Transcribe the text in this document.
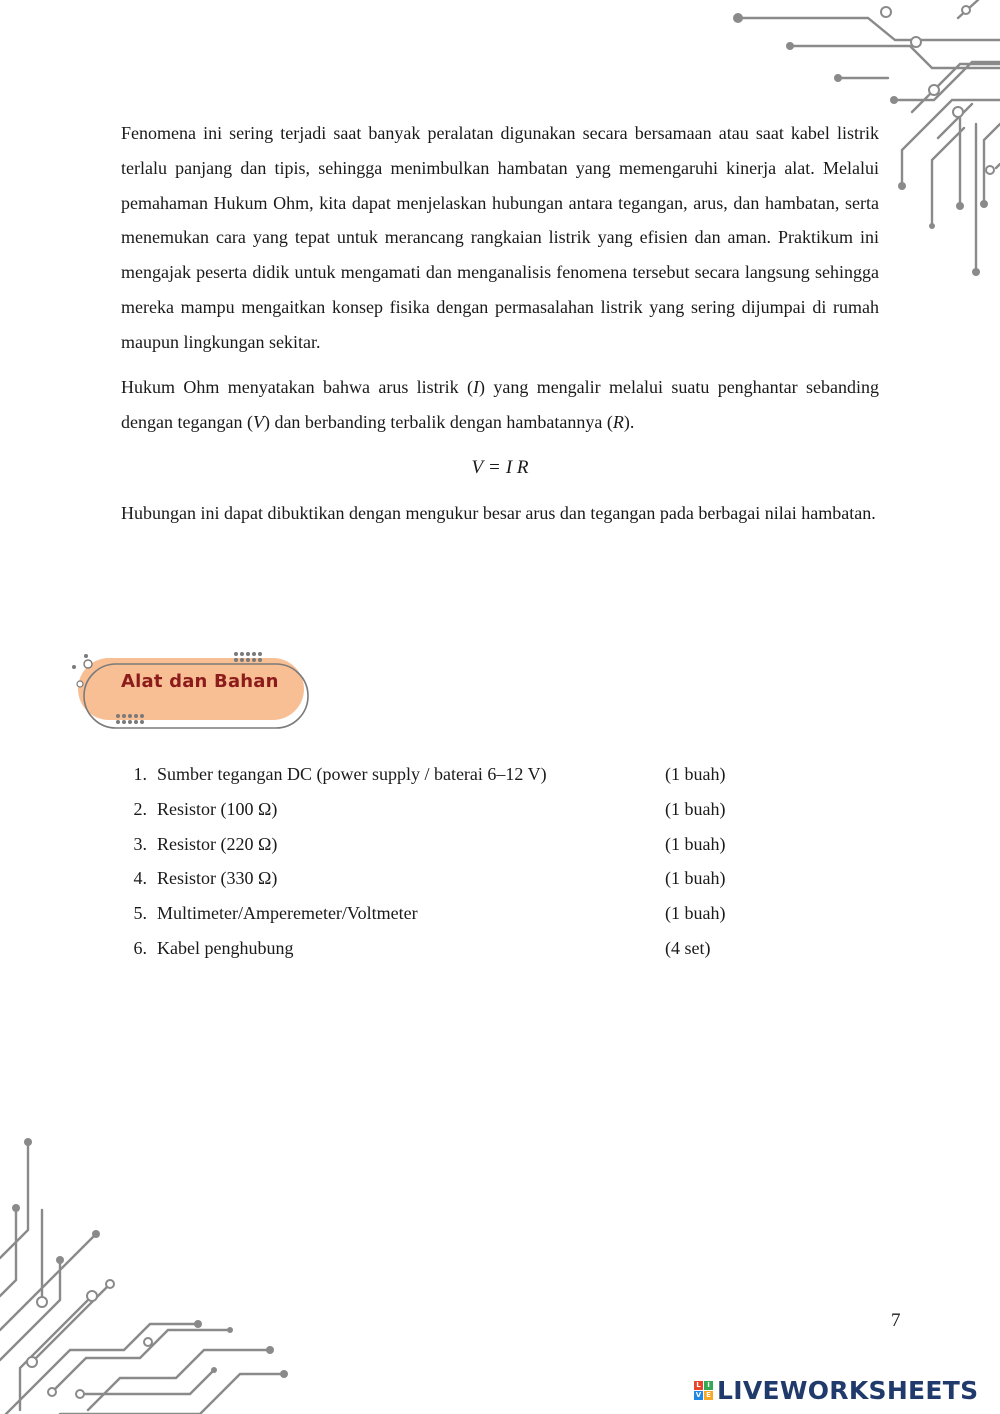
Fenomena ini sering terjadi saat banyak peralatan digunakan secara bersamaan atau saat kabel listrik terlalu panjang dan tipis, sehingga menimbulkan hambatan yang memengaruhi kinerja alat. Melalui pemahaman Hukum Ohm, kita dapat menjelaskan hubungan antara tegangan, arus, dan hambatan, serta menemukan cara yang tepat untuk merancang rangkaian listrik yang efisien dan aman. Praktikum ini mengajak peserta didik untuk mengamati dan menganalisis fenomena tersebut secara langsung sehingga mereka mampu mengaitkan konsep fisika dengan permasalahan listrik yang sering dijumpai di rumah maupun lingkungan sekitar.

Hukum Ohm menyatakan bahwa arus listrik (I) yang mengalir melalui suatu penghantar sebanding dengan tegangan (V) dan berbanding terbalik dengan hambatannya (R).

V = I R

Hubungan ini dapat dibuktikan dengan mengukur besar arus dan tegangan pada berbagai nilai hambatan.

Alat dan Bahan
1. Sumber tegangan DC (power supply / baterai 6–12 V)	(1 buah)
2. Resistor (100 Ω)	(1 buah)
3. Resistor (220 Ω)	(1 buah)
4. Resistor (330 Ω)	(1 buah)
5. Multimeter/Amperemeter/Voltmeter	(1 buah)
6. Kabel penghubung	(4 set)
7
L I
V E LIVEWORKSHEETS
